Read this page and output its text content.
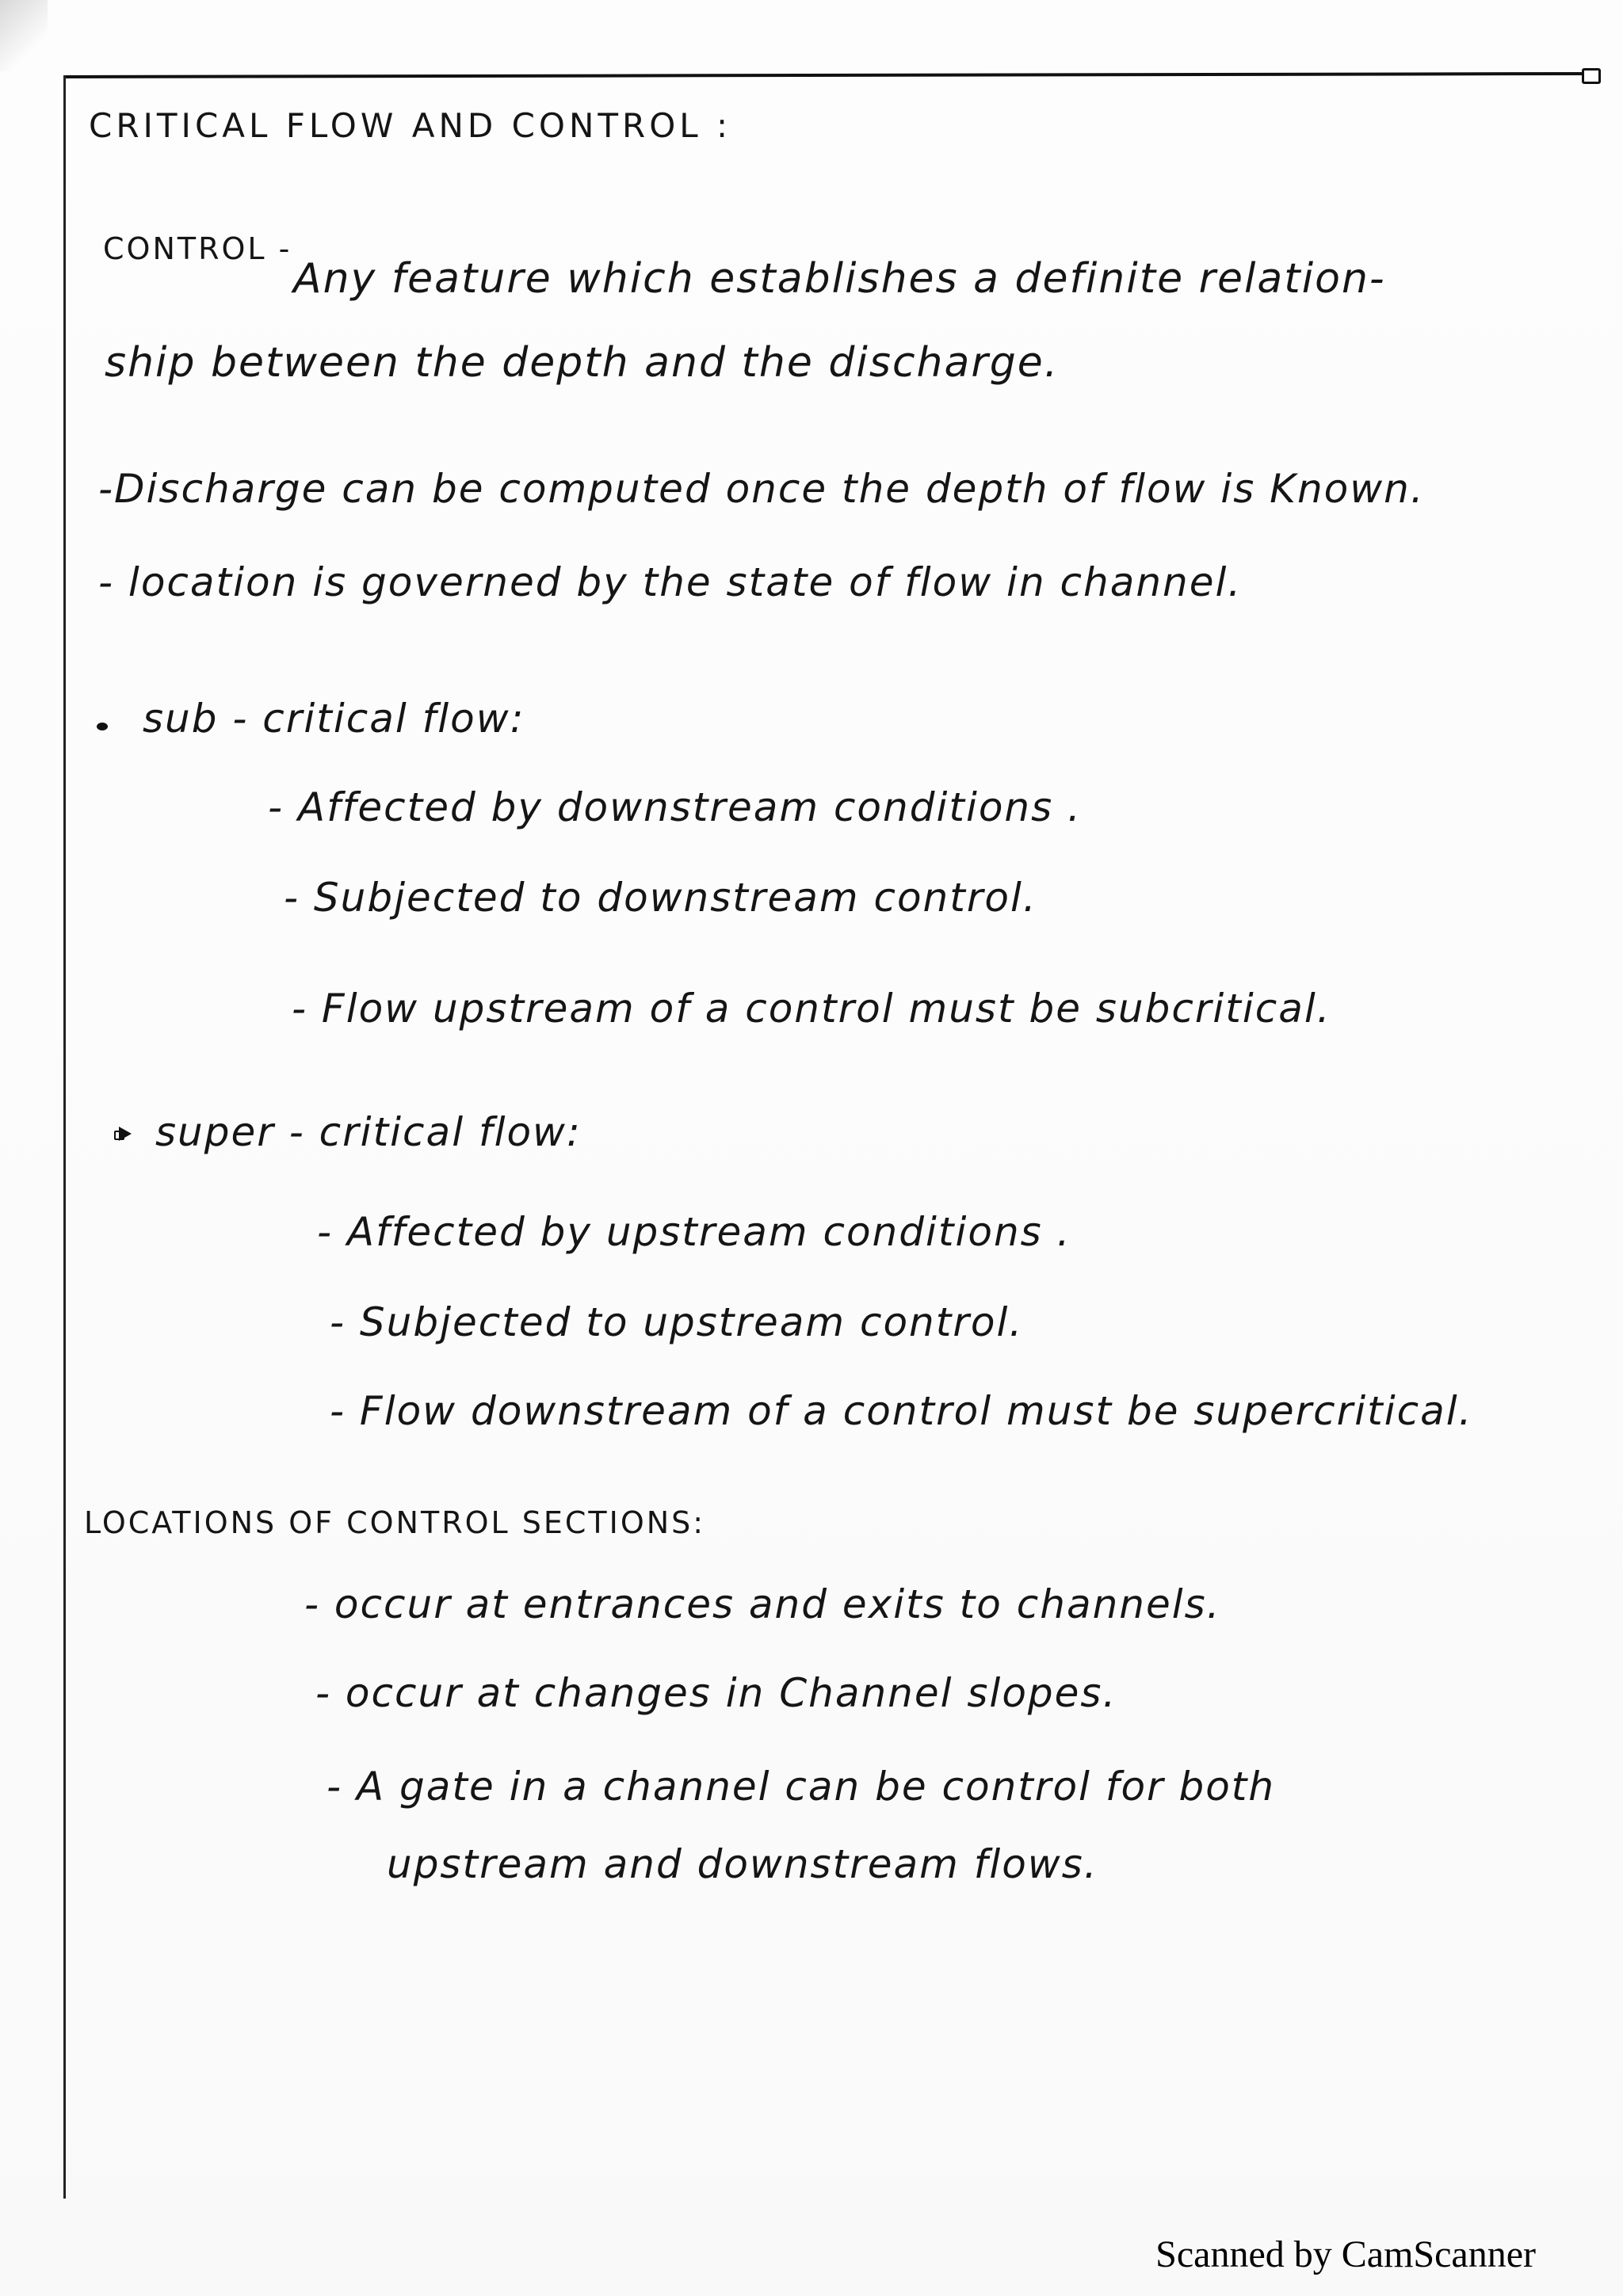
CRITICAL FLOW AND CONTROL :
CONTROL -
Any feature which establishes a definite relation-
ship between the depth and the discharge.
-Discharge can be computed once the depth of flow is Known.
- location is governed by the state of flow in channel.
sub - critical flow:
- Affected by downstream conditions .
- Subjected to downstream control.
- Flow upstream of a control must be subcritical.
super - critical flow:
- Affected by upstream conditions .
- Subjected to upstream control.
- Flow downstream of a control must be supercritical.
LOCATIONS OF CONTROL SECTIONS:
- occur at entrances and exits to channels.
- occur at changes in Channel slopes.
- A gate in a channel can be control for both
upstream and downstream flows.
Scanned by CamScanner
